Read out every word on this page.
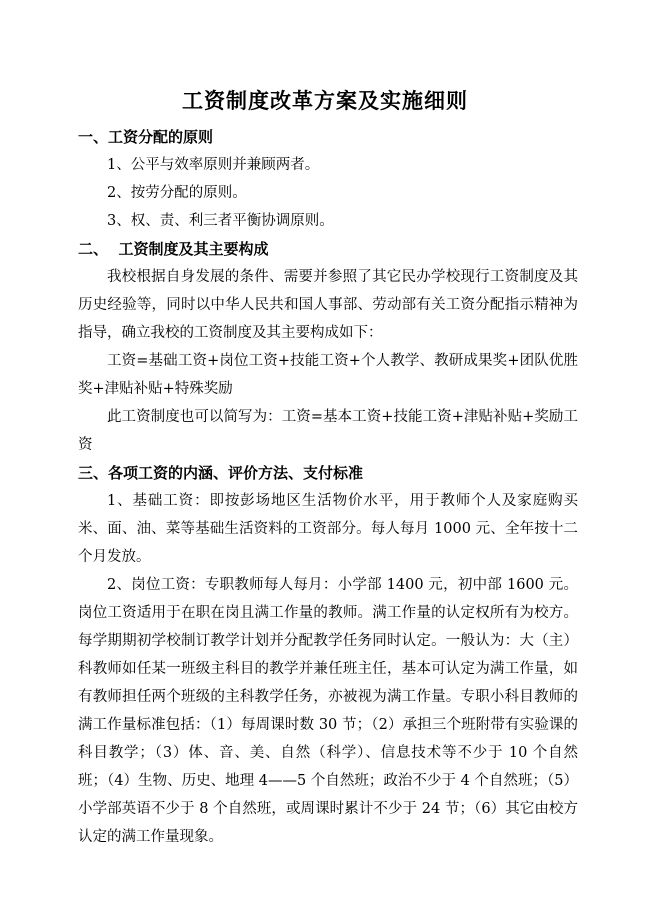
工资制度改革方案及实施细则
一、工资分配的原则
1、公平与效率原则并兼顾两者。
2、按劳分配的原则。
3、权、责、利三者平衡协调原则。
二、  工资制度及其主要构成
我校根据自身发展的条件、需要并参照了其它民办学校现行工资制度及其历史经验等，同时以中华人民共和国人事部、劳动部有关工资分配指示精神为指导，确立我校的工资制度及其主要构成如下：
工资=基础工资+岗位工资+技能工资+个人教学、教研成果奖+团队优胜奖+津贴补贴+特殊奖励
此工资制度也可以简写为：工资=基本工资+技能工资+津贴补贴+奖励工资
三、各项工资的内涵、评价方法、支付标准
1、基础工资：即按彭场地区生活物价水平，用于教师个人及家庭购买米、面、油、菜等基础生活资料的工资部分。每人每月 1000 元、全年按十二个月发放。
2、岗位工资：专职教师每人每月：小学部 1400 元，初中部 1600 元。岗位工资适用于在职在岗且满工作量的教师。满工作量的认定权所有为校方。每学期期初学校制订教学计划并分配教学任务同时认定。一般认为：大（主）科教师如任某一班级主科目的教学并兼任班主任，基本可认定为满工作量，如有教师担任两个班级的主科教学任务，亦被视为满工作量。专职小科目教师的满工作量标准包括：（1）每周课时数 30 节；（2）承担三个班附带有实验课的科目教学；（3）体、音、美、自然（科学）、信息技术等不少于 10 个自然班；（4）生物、历史、地理 4——5 个自然班；政治不少于 4 个自然班；（5）小学部英语不少于 8 个自然班，或周课时累计不少于 24 节；（6）其它由校方认定的满工作量现象。
